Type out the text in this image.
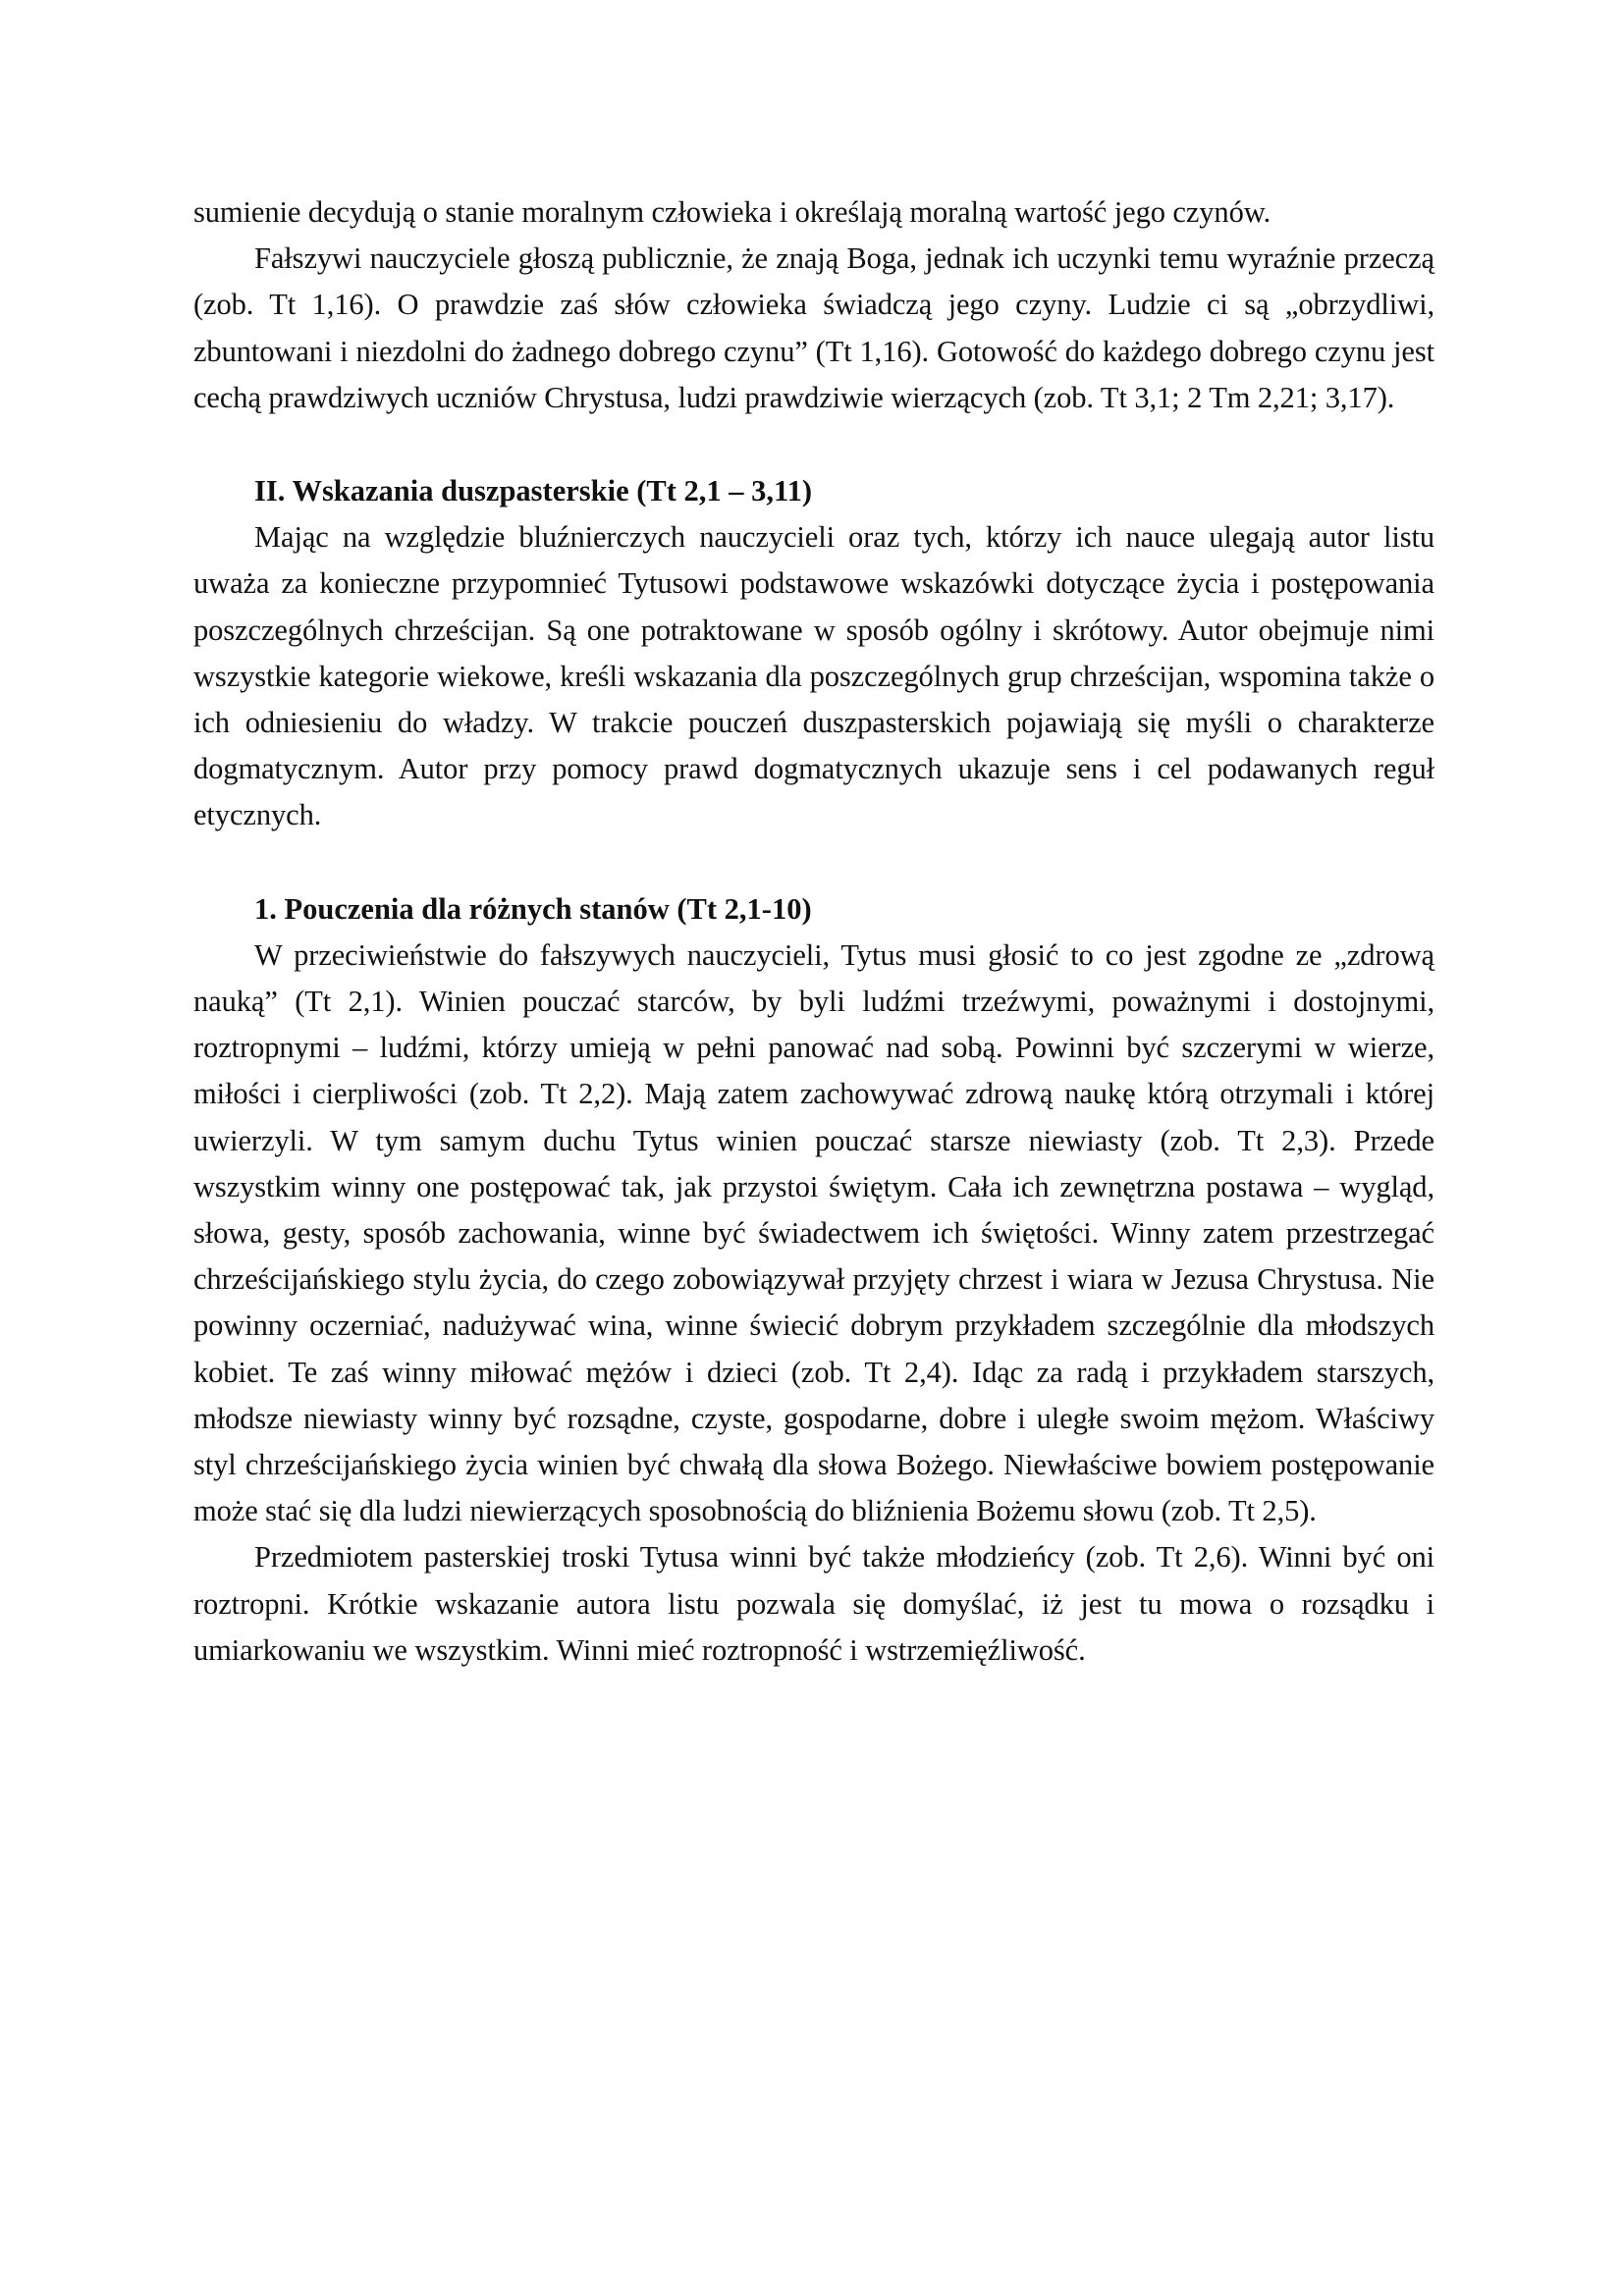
sumienie decydują o stanie moralnym człowieka i określają moralną wartość jego czynów.

Fałszywi nauczyciele głoszą publicznie, że znają Boga, jednak ich uczynki temu wyraźnie przeczą (zob. Tt 1,16). O prawdzie zaś słów człowieka świadczą jego czyny. Ludzie ci są „obrzydliwi, zbuntowani i niezdolni do żadnego dobrego czynu” (Tt 1,16). Gotowość do każdego dobrego czynu jest cechą prawdziwych uczniów Chrystusa, ludzi prawdziwie wierzących (zob. Tt 3,1; 2 Tm 2,21; 3,17).

II. Wskazania duszpasterskie (Tt 2,1 – 3,11)

Mając na względzie bluźnierczych nauczycieli oraz tych, którzy ich nauce ulegają autor listu uważa za konieczne przypomnieć Tytusowi podstawowe wskazówki dotyczące życia i postępowania poszczególnych chrześcijan. Są one potraktowane w sposób ogólny i skrótowy. Autor obejmuje nimi wszystkie kategorie wiekowe, kreśli wskazania dla poszczególnych grup chrześcijan, wspomina także o ich odniesieniu do władzy. W trakcie pouczeń duszpasterskich pojawiają się myśli o charakterze dogmatycznym. Autor przy pomocy prawd dogmatycznych ukazuje sens i cel podawanych reguł etycznych.

1. Pouczenia dla różnych stanów (Tt 2,1-10)

W przeciwieństwie do fałszywych nauczycieli, Tytus musi głosić to co jest zgodne ze „zdrową nauką” (Tt 2,1). Winien pouczać starców, by byli ludźmi trzeźwymi, poważnymi i dostojnymi, roztropnymi – ludźmi, którzy umieją w pełni panować nad sobą. Powinni być szczerymi w wierze, miłości i cierpliwości (zob. Tt 2,2). Mają zatem zachowywać zdrową naukę którą otrzymali i której uwierzyli. W tym samym duchu Tytus winien pouczać starsze niewiasty (zob. Tt 2,3). Przede wszystkim winny one postępować tak, jak przystoi świętym. Cała ich zewnętrzna postawa – wygląd, słowa, gesty, sposób zachowania, winne być świadectwem ich świętości. Winny zatem przestrzegać chrześcijańskiego stylu życia, do czego zobowiązywał przyjęty chrzest i wiara w Jezusa Chrystusa. Nie powinny oczerniać, nadużywać wina, winne świecić dobrym przykładem szczególnie dla młodszych kobiet. Te zaś winny miłować mężów i dzieci (zob. Tt 2,4). Idąc za radą i przykładem starszych, młodsze niewiasty winny być rozsądne, czyste, gospodarne, dobre i uległe swoim mężom. Właściwy styl chrześcijańskiego życia winien być chwałą dla słowa Bożego. Niewłaściwe bowiem postępowanie może stać się dla ludzi niewierzących sposobnością do bliźnienia Bożemu słowu (zob. Tt 2,5).

Przedmiotem pasterskiej troski Tytusa winni być także młodzieńcy (zob. Tt 2,6). Winni być oni roztropni. Krótkie wskazanie autora listu pozwala się domyślać, iż jest tu mowa o rozsądku i umiarkowaniu we wszystkim. Winni mieć roztropność i wstrzemięźliwość.
